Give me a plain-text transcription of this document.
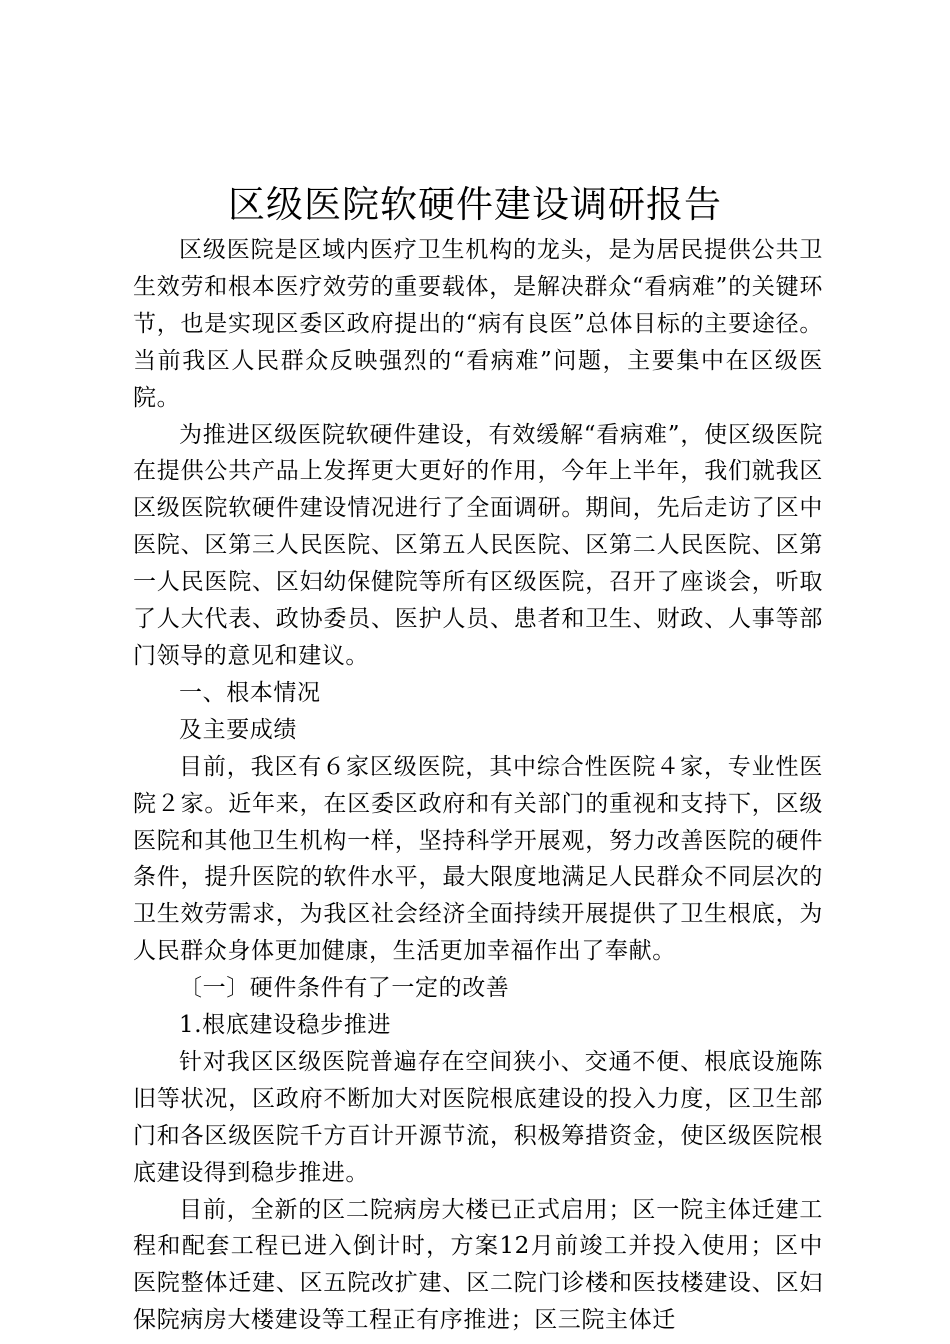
区级医院软硬件建设调研报告

区级医院是区域内医疗卫生机构的龙头，是为居民提供公共卫生效劳和根本医疗效劳的重要载体，是解决群众“看病难”的关键环节，也是实现区委区政府提出的“病有良医”总体目标的主要途径。当前我区人民群众反映强烈的“看病难”问题，主要集中在区级医院。

为推进区级医院软硬件建设，有效缓解“看病难”，使区级医院在提供公共产品上发挥更大更好的作用，今年上半年，我们就我区区级医院软硬件建设情况进行了全面调研。期间，先后走访了区中医院、区第三人民医院、区第五人民医院、区第二人民医院、区第一人民医院、区妇幼保健院等所有区级医院，召开了座谈会，听取了人大代表、政协委员、医护人员、患者和卫生、财政、人事等部门领导的意见和建议。

一、根本情况

及主要成绩

目前，我区有６家区级医院，其中综合性医院４家，专业性医院２家。近年来，在区委区政府和有关部门的重视和支持下，区级医院和其他卫生机构一样，坚持科学开展观，努力改善医院的硬件条件，提升医院的软件水平，最大限度地满足人民群众不同层次的卫生效劳需求，为我区社会经济全面持续开展提供了卫生根底，为人民群众身体更加健康，生活更加幸福作出了奉献。

〔一〕硬件条件有了一定的改善

1.根底建设稳步推进

针对我区区级医院普遍存在空间狭小、交通不便、根底设施陈旧等状况，区政府不断加大对医院根底建设的投入力度，区卫生部门和各区级医院千方百计开源节流，积极筹措资金，使区级医院根底建设得到稳步推进。

目前，全新的区二院病房大楼已正式启用；区一院主体迁建工程和配套工程已进入倒计时，方案12月前竣工并投入使用；区中医院整体迁建、区五院改扩建、区二院门诊楼和医技楼建设、区妇保院病房大楼建设等工程正有序推进；区三院主体迁
